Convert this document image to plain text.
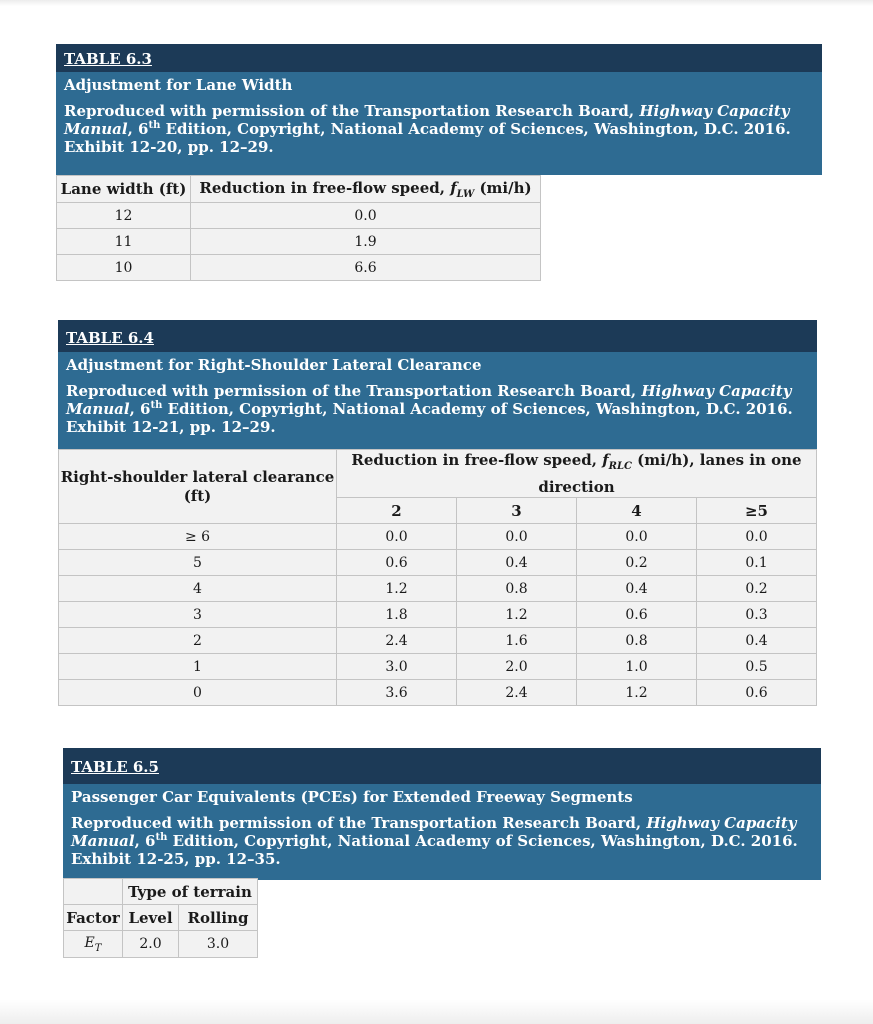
TABLE 6.3
Adjustment for Lane Width
Reproduced with permission of the Transportation Research Board, Highway Capacity Manual, 6th Edition, Copyright, National Academy of Sciences, Washington, D.C. 2016. Exhibit 12-20, pp. 12–29.
Lane width (ft)	Reduction in free-flow speed, $f_{LW}$ (mi/h)
12	0.0
11	1.9
10	6.6
TABLE 6.4
Adjustment for Right-Shoulder Lateral Clearance
Reproduced with permission of the Transportation Research Board, Highway Capacity Manual, 6th Edition, Copyright, National Academy of Sciences, Washington, D.C. 2016. Exhibit 12-21, pp. 12–29.
Right-shoulder lateral clearance (ft)	Reduction in free-flow speed, $f_{RLC}$ (mi/h), lanes in one direction			
	2	3	4	≥5
≥ 6	0.0	0.0	0.0	0.0
5	0.6	0.4	0.2	0.1
4	1.2	0.8	0.4	0.2
3	1.8	1.2	0.6	0.3
2	2.4	1.6	0.8	0.4
1	3.0	2.0	1.0	0.5
0	3.6	2.4	1.2	0.6
TABLE 6.5
Passenger Car Equivalents (PCEs) for Extended Freeway Segments
Reproduced with permission of the Transportation Research Board, Highway Capacity Manual, 6th Edition, Copyright, National Academy of Sciences, Washington, D.C. 2016. Exhibit 12-25, pp. 12–35.
	Type of terrain	
Factor	Level	Rolling
$E_T$	2.0	3.0
